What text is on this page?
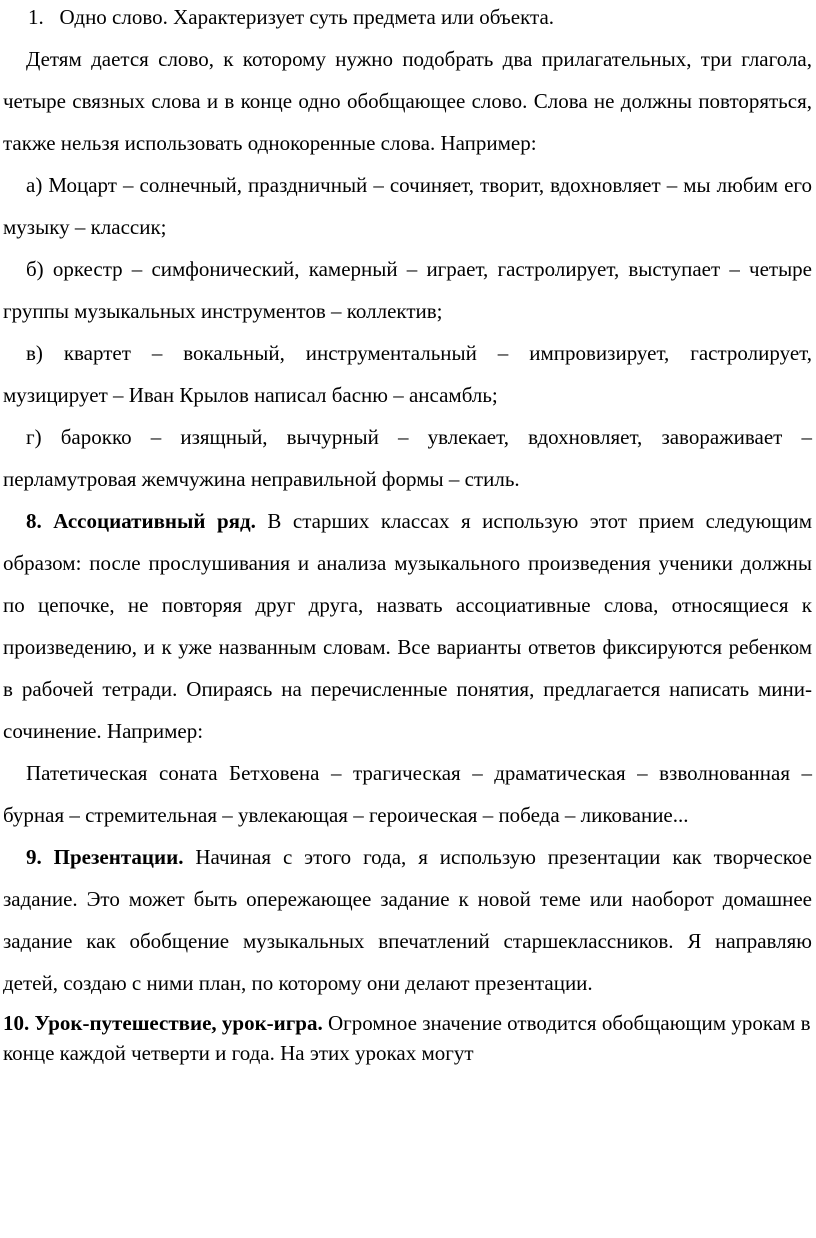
1. Одно слово. Характеризует суть предмета или объекта.

Детям дается слово, к которому нужно подобрать два прилагательных, три глагола, четыре связных слова и в конце одно обобщающее слово. Слова не должны повторяться, также нельзя использовать однокоренные слова. Например:

а) Моцарт – солнечный, праздничный – сочиняет, творит, вдохновляет – мы любим его музыку – классик;

б) оркестр – симфонический, камерный – играет, гастролирует, выступает – четыре группы музыкальных инструментов – коллектив;

в) квартет – вокальный, инструментальный – импровизирует, гастролирует, музицирует – Иван Крылов написал басню – ансамбль;

г) барокко – изящный, вычурный – увлекает, вдохновляет, завораживает – перламутровая жемчужина неправильной формы – стиль.

8. Ассоциативный ряд. В старших классах я использую этот прием следующим образом: после прослушивания и анализа музыкального произведения ученики должны по цепочке, не повторяя друг друга, назвать ассоциативные слова, относящиеся к произведению, и к уже названным словам. Все варианты ответов фиксируются ребенком в рабочей тетради. Опираясь на перечисленные понятия, предлагается написать мини-сочинение. Например:

Патетическая соната Бетховена – трагическая – драматическая – взволнованная – бурная – стремительная – увлекающая – героическая – победа – ликование...

9. Презентации. Начиная с этого года, я использую презентации как творческое задание. Это может быть опережающее задание к новой теме или наоборот домашнее задание как обобщение музыкальных впечатлений старшеклассников. Я направляю детей, создаю с ними план, по которому они делают презентации.

10. Урок-путешествие, урок-игра. Огромное значение отводится обобщающим урокам в конце каждой четверти и года. На этих уроках могут
